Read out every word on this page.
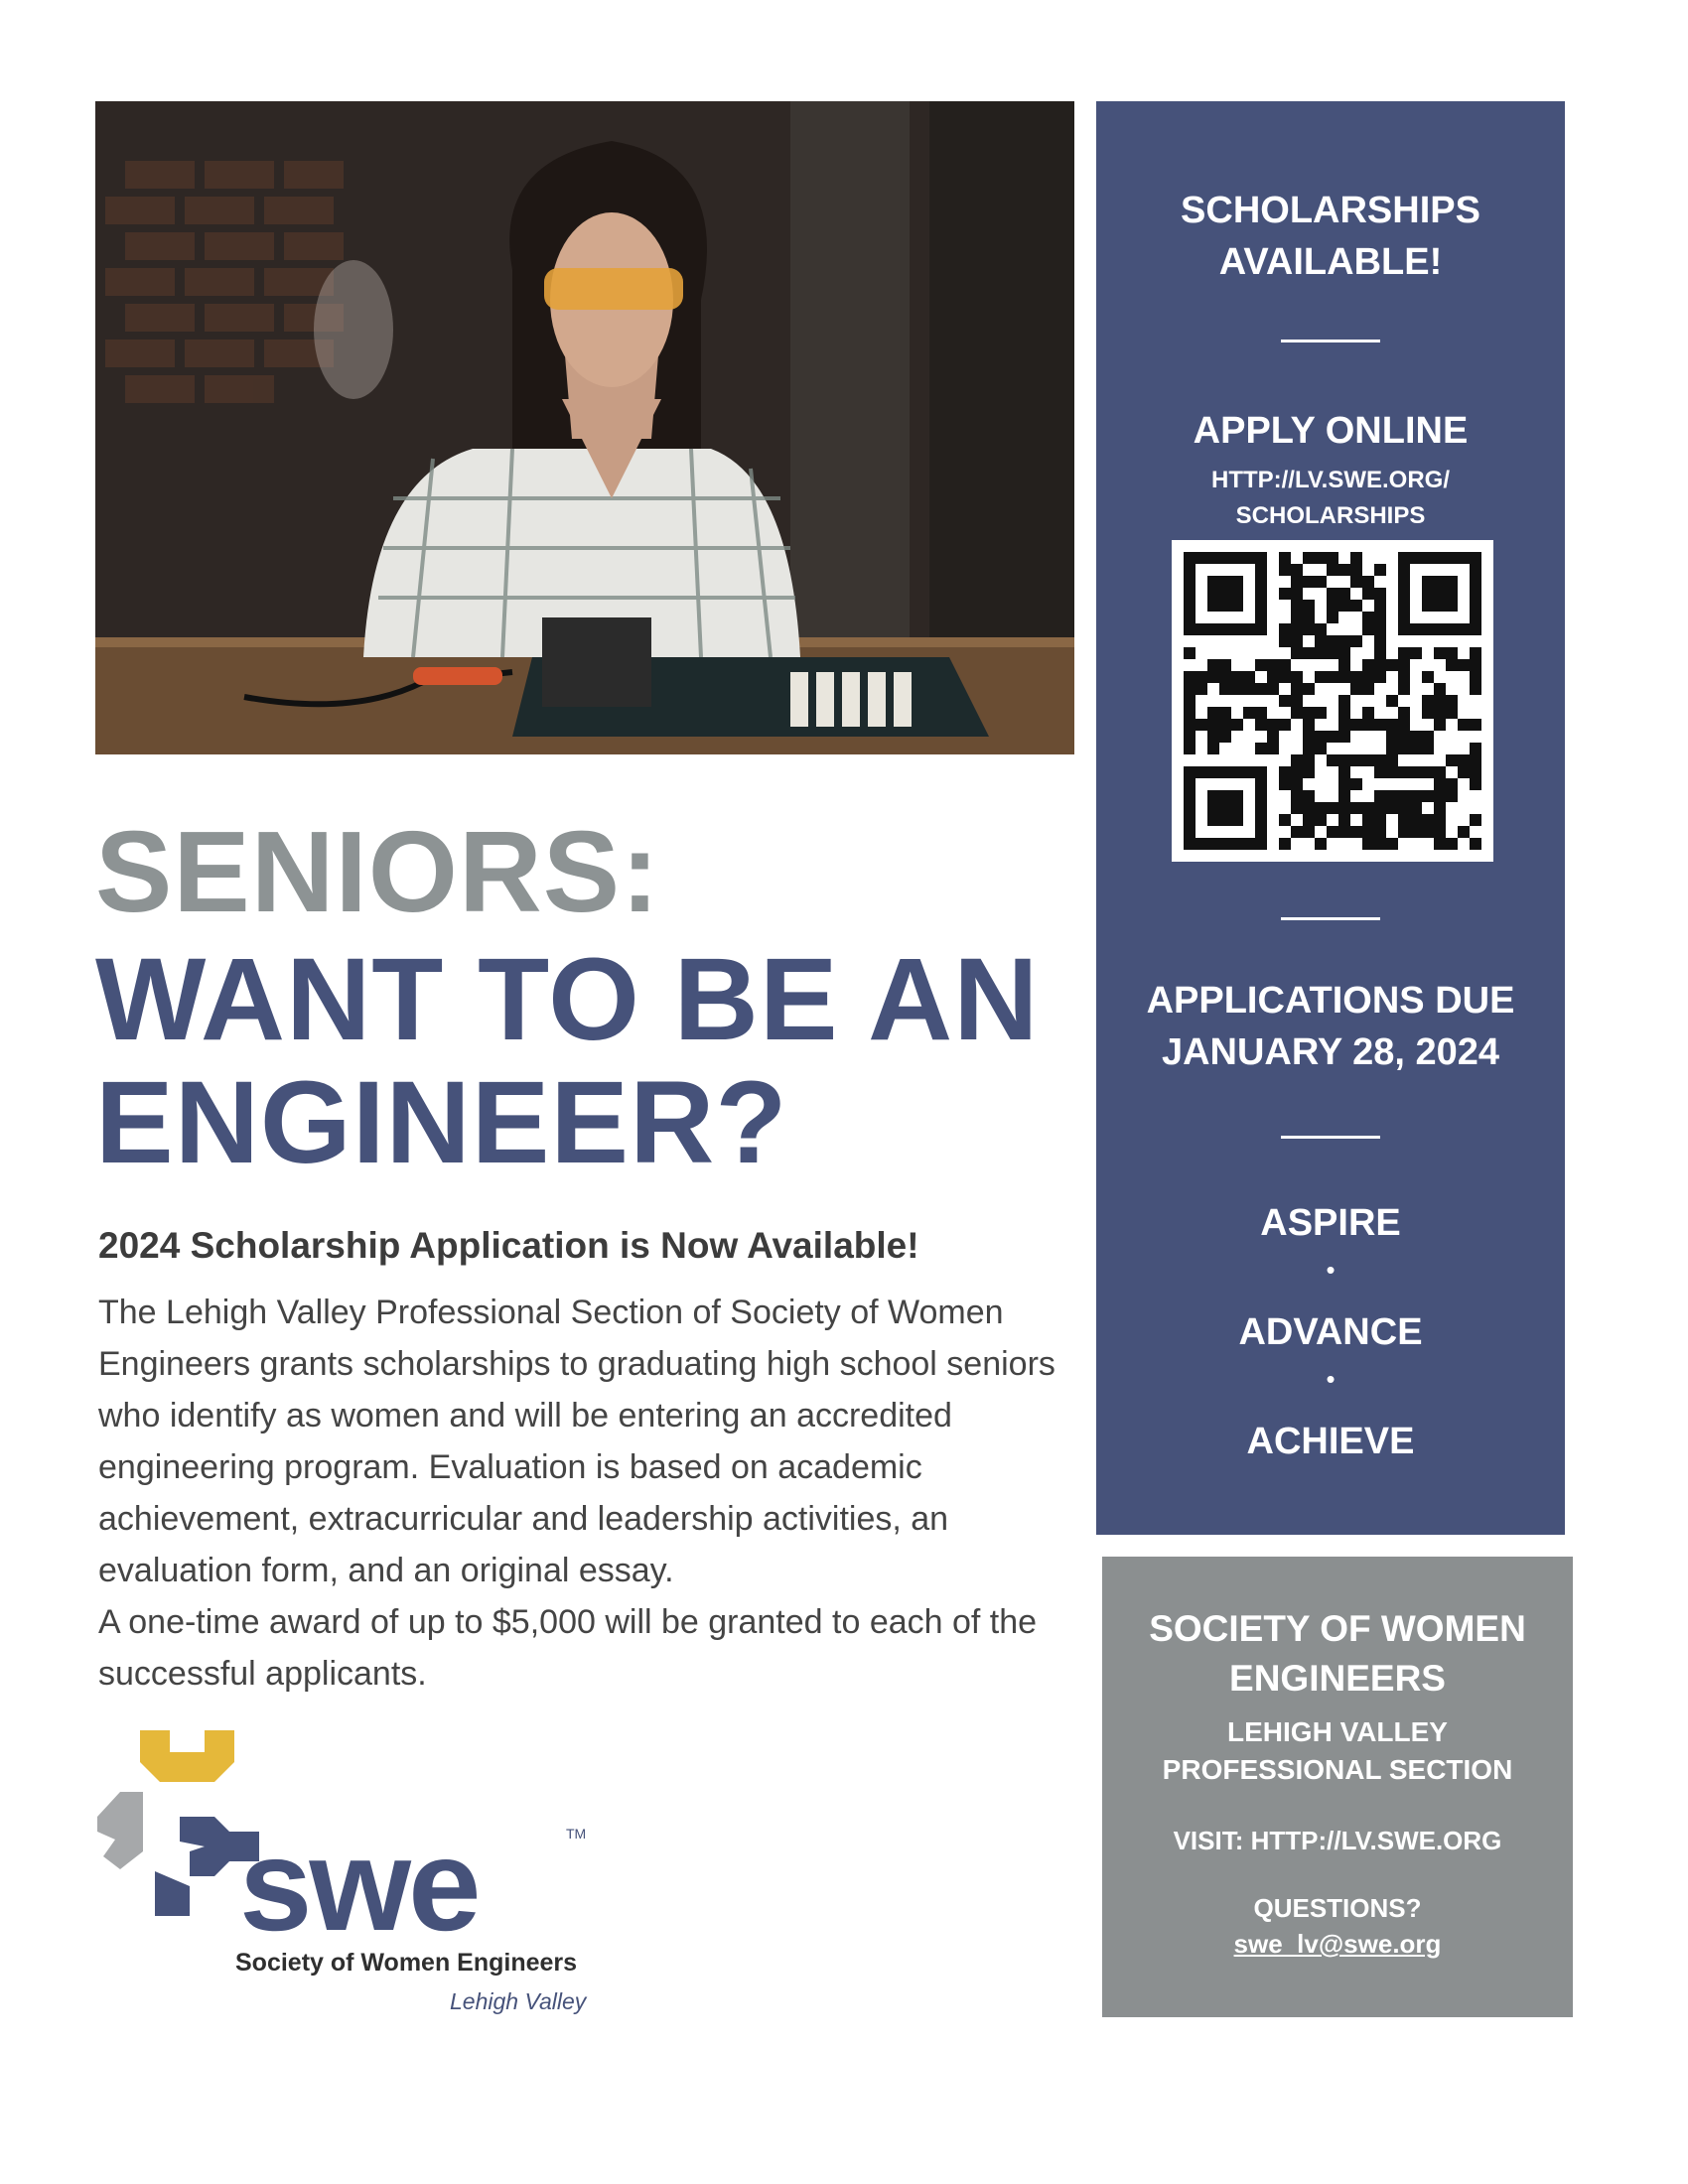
SENIORS:
WANT TO BE AN
ENGINEER?
2024 Scholarship Application is Now Available!

The Lehigh Valley Professional Section of Society of Women Engineers grants scholarships to graduating high school seniors who identify as women and will be entering an accredited engineering program. Evaluation is based on academic achievement, extracurricular and leadership activities, an evaluation form, and an original essay.

A one-time award of up to $5,000 will be granted to each of the successful applicants.

swe	TM
Society of Women Engineers
Lehigh Valley
SCHOLARSHIPS
AVAILABLE!
APPLY ONLINE
HTTP://LV.SWE.ORG/
SCHOLARSHIPS
APPLICATIONS DUE
JANUARY 28, 2024
ASPIRE
•
ADVANCE
•
ACHIEVE
SOCIETY OF WOMEN
ENGINEERS
LEHIGH VALLEY
PROFESSIONAL SECTION
VISIT: HTTP://LV.SWE.ORG
QUESTIONS?
swe_lv@swe.org
